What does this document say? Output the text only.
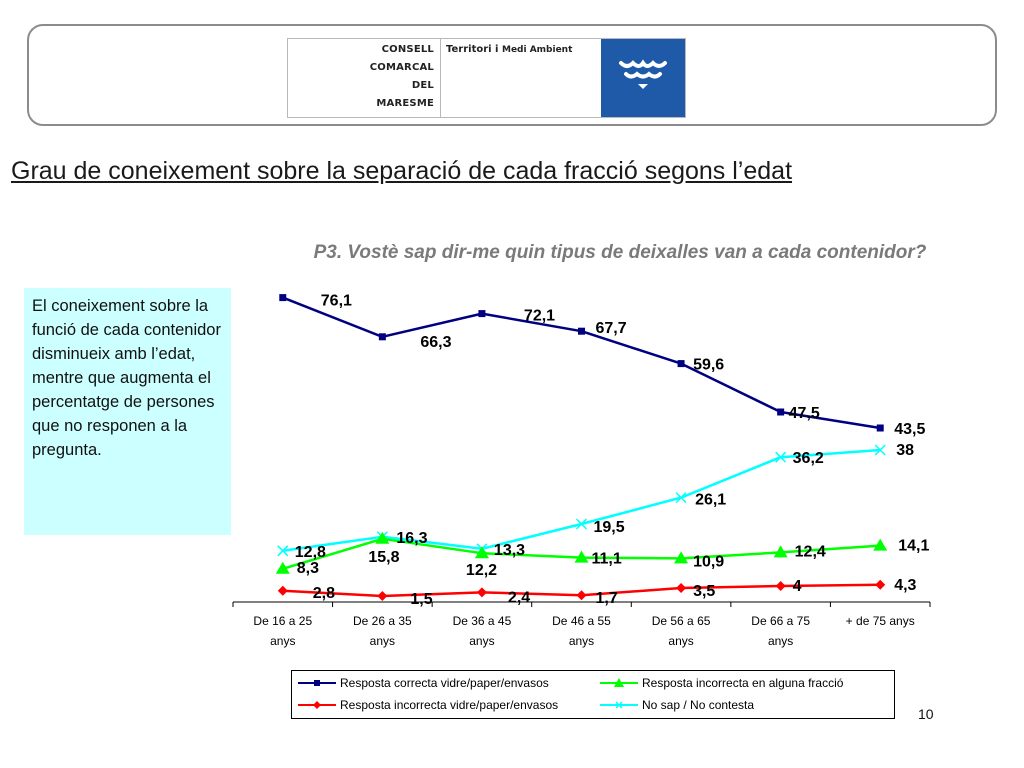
CONSELL
COMARCAL
DEL
MARESME
Territori i Medi Ambient
Grau de coneixement sobre la separació de cada fracció segons l’edat
P3. Vostè sap dir-me quin tipus de deixalles van a cada contenidor?
El coneixement sobre la funció de cada contenidor disminueix amb l’edat, mentre que augmenta el percentatge de persones que no responen a la pregunta.
De 16 a 25
anys
De 26 a 35
anys
De 36 a 45
anys
De 46 a 55
anys
De 56 a 65
anys
De 66 a 75
anys
+ de 75 anys
76,1
66,3
72,1
67,7
59,6
47,5
43,5
8,3
15,8
12,2
11,1	10,9
12,4	14,1
2,8	1,5	2,4	1,7	3,5	4	4,3
12,8
16,3
13,3
19,5
26,1
36,2	38
Resposta correcta vidre/paper/envasos	Resposta incorrecta en alguna fracció
Resposta incorrecta vidre/paper/envasos	No sap / No contesta
10
